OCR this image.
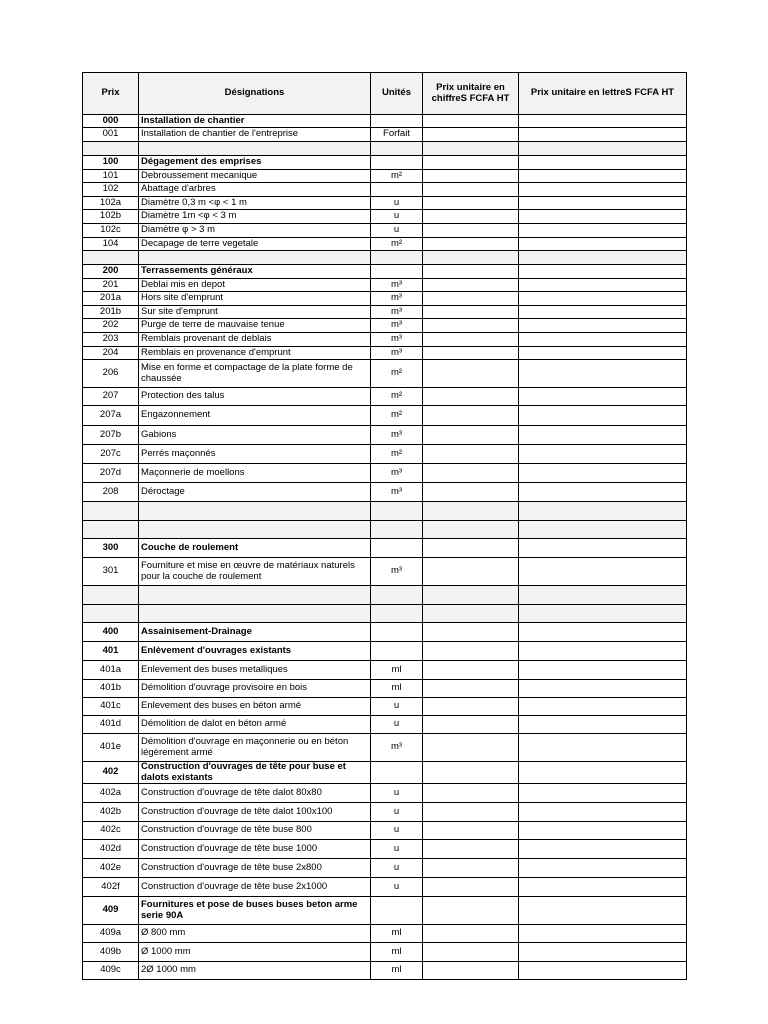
Prix	Désignations	Unités	Prix unitaire en chiffreS FCFA HT	Prix unitaire en lettreS FCFA HT
000	Installation de chantier			
001	Installation de chantier de l'entreprise	Forfait		

100	Dégagement des emprises			
101	Debroussement mecanique	m²		
102	Abattage d'arbres			
102a	Diamètre 0,3 m <φ < 1 m	u		
102b	Diamètre 1m <φ < 3 m	u		
102c	Diamètre φ > 3 m	u		
104	Decapage de terre vegetale	m²		

200	Terrassements généraux			
201	Deblai mis en depot	m³		
201a	Hors site d'emprunt	m³		
201b	Sur site d'emprunt	m³		
202	Purge de terre de mauvaise tenue	m³		
203	Remblais provenant de deblais	m³		
204	Remblais en provenance d'emprunt	m³		
206	Mise en forme et compactage de la plate forme de chaussée	m²		
207	Protection des talus	m²		
207a	Engazonnement	m²		
207b	Gabions	m³		
207c	Perrés maçonnés	m²		
207d	Maçonnerie de moellons	m³		
208	Déroctage	m³		

300	Couche de roulement			
301	Fourniture et mise en œuvre de matériaux naturels pour la couche de roulement	m³		

400	Assainisement-Drainage			
401	Enlèvement d'ouvrages existants			
401a	Enlevement des buses metalliques	ml		
401b	Démolition d'ouvrage provisoire en bois	ml		
401c	Enlevement des buses en béton armé	u		
401d	Démolition de dalot en béton armé	u		
401e	Démolition d'ouvrage en maçonnerie ou en béton légèrement armé	m³		
402	Construction d'ouvrages de tête pour buse et dalots existants			
402a	Construction d'ouvrage de tête dalot 80x80	u		
402b	Construction d'ouvrage de tête dalot 100x100	u		
402c	Construction d'ouvrage de tête buse 800	u		
402d	Construction d'ouvrage de tête buse 1000	u		
402e	Construction d'ouvrage de tête buse 2x800	u		
402f	Construction d'ouvrage de tête buse 2x1000	u		
409	Fournitures et pose de buses buses beton arme serie 90A			
409a	Ø 800 mm	ml		
409b	Ø 1000 mm	ml		
409c	2Ø 1000 mm	ml		
